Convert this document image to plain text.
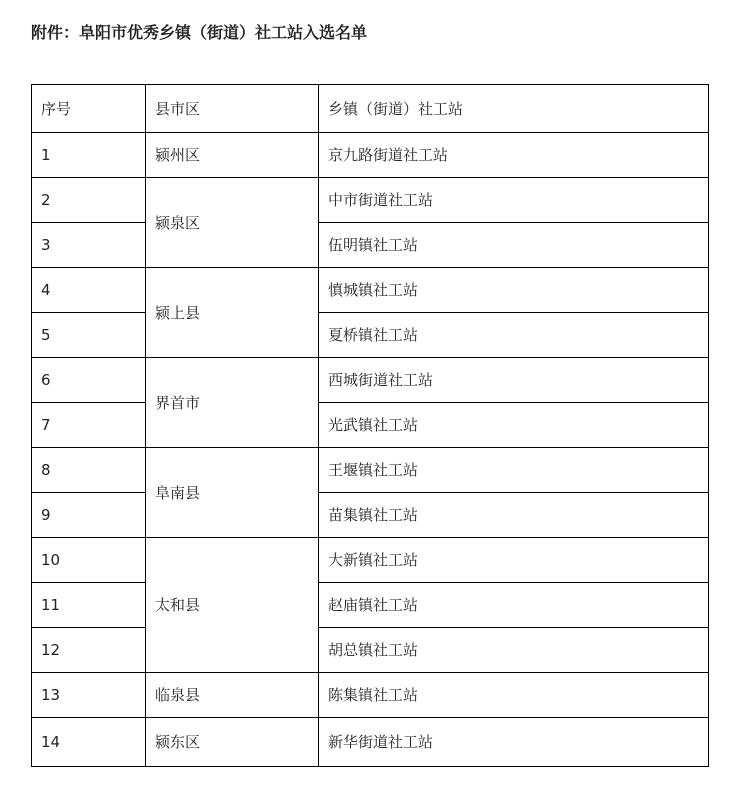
附件：阜阳市优秀乡镇（街道）社工站入选名单
序号	县市区	乡镇（街道）社工站
1	颍州区	京九路街道社工站
2	颍泉区	中市街道社工站
3		伍明镇社工站
4	颍上县	慎城镇社工站
5		夏桥镇社工站
6	界首市	西城街道社工站
7		光武镇社工站
8	阜南县	王堰镇社工站
9		苗集镇社工站
10	太和县	大新镇社工站
11		赵庙镇社工站
12		胡总镇社工站
13	临泉县	陈集镇社工站
14	颍东区	新华街道社工站
